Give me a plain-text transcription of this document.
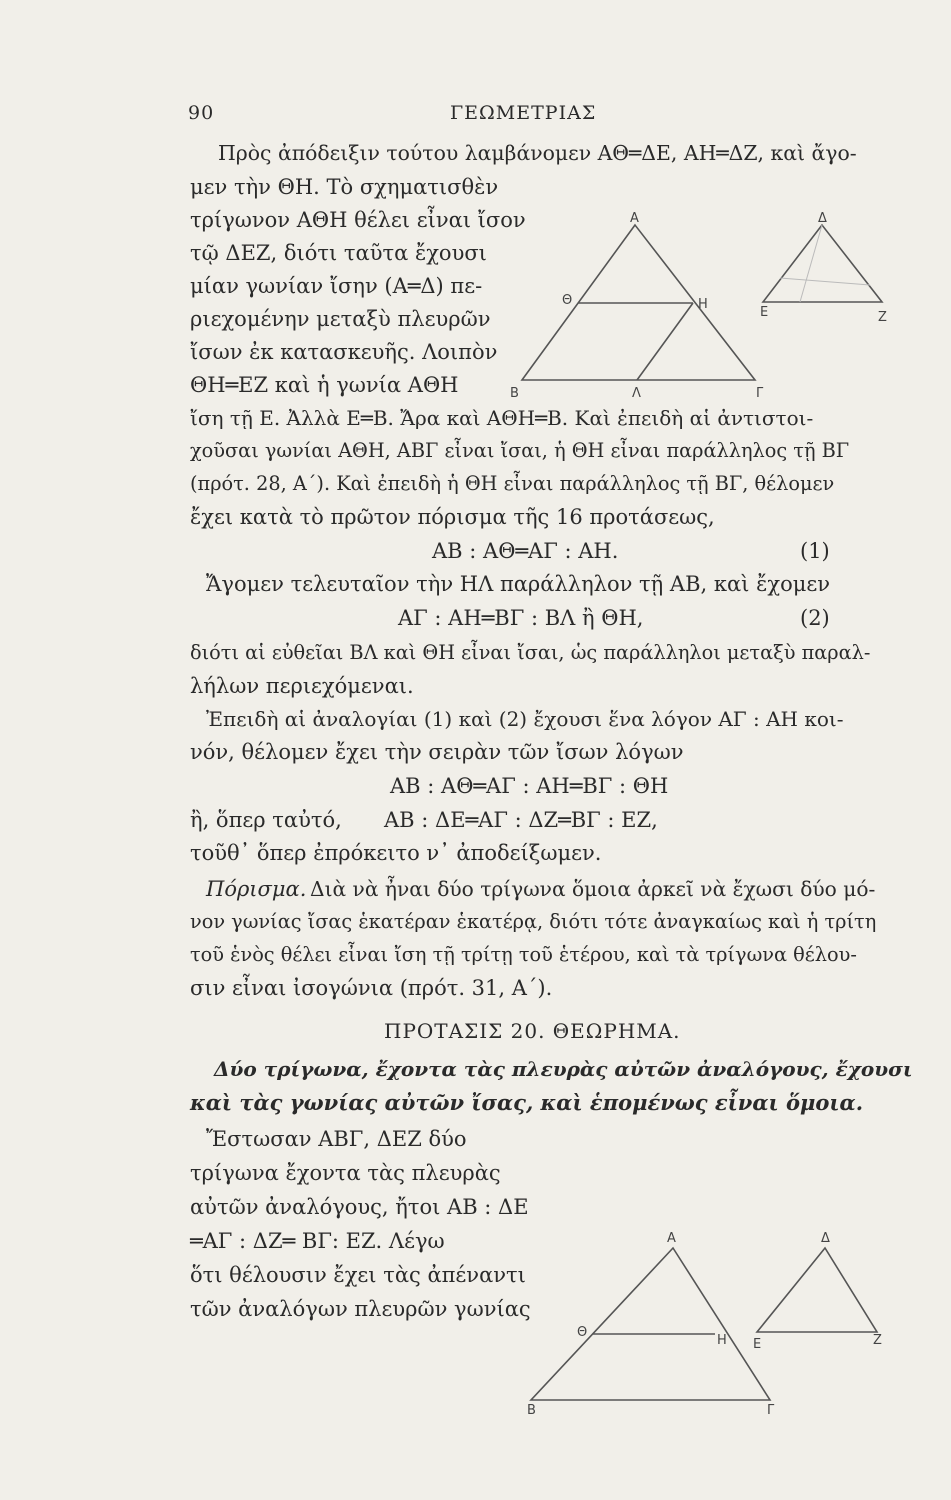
90	ΓΕΩΜΕΤΡΙΑΣ
Πρὸς ἀπόδειξιν τούτου λαμβάνομεν ΑΘ═ΔΕ, ΑΗ═ΔΖ, καὶ ἄγο-
μεν τὴν ΘΗ. Τὸ σχηματισθὲν
τρίγωνον ΑΘΗ θέλει εἶναι ἴσον
τῷ ΔΕΖ, διότι ταῦτα ἔχουσι
μίαν γωνίαν ἴσην (Α═Δ) πε-
ριεχομένην μεταξὺ πλευρῶν
ἴσων ἐκ κατασκευῆς. Λοιπὸν
ΘΗ═ΕΖ καὶ ἡ γωνία ΑΘΗ
ἴση τῇ Ε. Ἀλλὰ Ε═Β. Ἄρα καὶ ΑΘΗ═Β. Καὶ ἐπειδὴ αἱ ἀντιστοι-
χοῦσαι γωνίαι ΑΘΗ, ΑΒΓ εἶναι ἴσαι, ἡ ΘΗ εἶναι παράλληλος τῇ ΒΓ
(πρότ. 28, Α΄). Καὶ ἐπειδὴ ἡ ΘΗ εἶναι παράλληλος τῇ ΒΓ, θέλομεν
ἔχει κατὰ τὸ πρῶτον πόρισμα τῆς 16 προτάσεως,
ΑΒ : ΑΘ═ΑΓ : ΑΗ.	(1)
Ἄγομεν τελευταῖον τὴν ΗΛ παράλληλον τῇ ΑΒ, καὶ ἔχομεν
ΑΓ : ΑΗ═ΒΓ : ΒΛ ἢ ΘΗ,	(2)
διότι αἱ εὐθεῖαι ΒΛ καὶ ΘΗ εἶναι ἴσαι, ὡς παράλληλοι μεταξὺ παραλ-
λήλων περιεχόμεναι.
Ἐπειδὴ αἱ ἀναλογίαι (1) καὶ (2) ἔχουσι ἕνα λόγον ΑΓ : ΑΗ κοι-
νόν, θέλομεν ἔχει τὴν σειρὰν τῶν ἴσων λόγων
ΑΒ : ΑΘ═ΑΓ : ΑΗ═ΒΓ : ΘΗ
ἢ, ὅπερ ταὐτό, ΑΒ : ΔΕ═ΑΓ : ΔΖ═ΒΓ : ΕΖ,
τοῦθ᾽ ὅπερ ἐπρόκειτο ν᾽ ἀποδείξωμεν.
Πόρισμα. Διὰ νὰ ἦναι δύο τρίγωνα ὅμοια ἀρκεῖ νὰ ἔχωσι δύο μό-
νον γωνίας ἴσας ἑκατέραν ἑκατέρᾳ, διότι τότε ἀναγκαίως καὶ ἡ τρίτη
τοῦ ἑνὸς θέλει εἶναι ἴση τῇ τρίτῃ τοῦ ἑτέρου, καὶ τὰ τρίγωνα θέλου-
σιν εἶναι ἰσογώνια (πρότ. 31, Α΄).
ΠΡΟΤΑΣΙΣ 20. ΘΕΩΡΗΜΑ.
Δύο τρίγωνα, ἔχοντα τὰς πλευρὰς αὐτῶν ἀναλόγους, ἔχουσι
καὶ τὰς γωνίας αὐτῶν ἴσας, καὶ ἑπομένως εἶναι ὅμοια.
Ἔστωσαν ΑΒΓ, ΔΕΖ δύο
τρίγωνα ἔχοντα τὰς πλευρὰς
αὐτῶν ἀναλόγους, ἤτοι ΑΒ : ΔΕ
═ΑΓ : ΔΖ═ ΒΓ: ΕΖ. Λέγω
ὅτι θέλουσιν ἔχει τὰς ἀπέναντι
τῶν ἀναλόγων πλευρῶν γωνίας
Α	Δ
Θ	Η
Ε	Ζ
Β	Λ	Γ
Α	Δ
Θ
Η Ε	Ζ
Β	Γ
